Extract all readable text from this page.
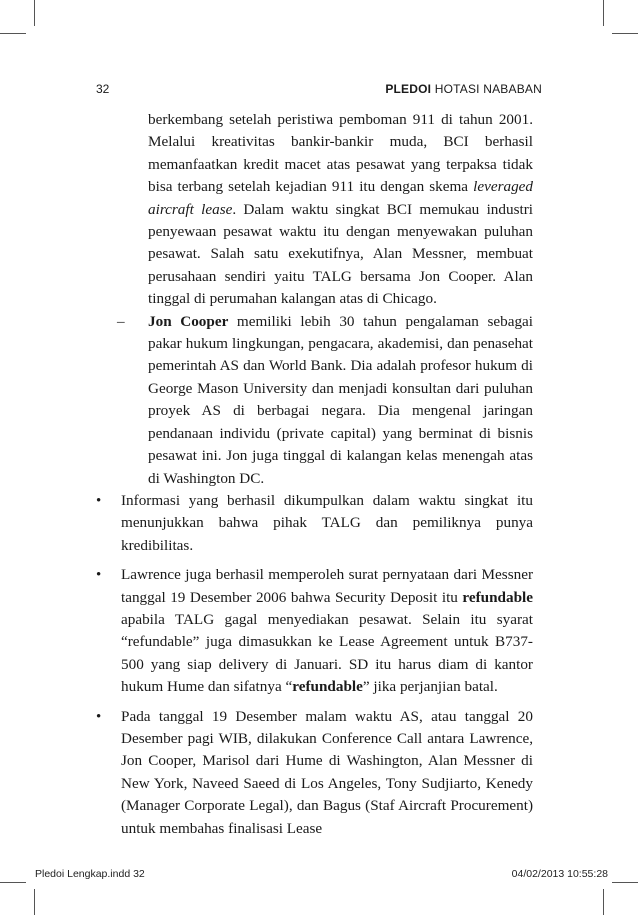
32	PLEDOI HOTASI NABABAN

berkembang setelah peristiwa pemboman 911 di tahun 2001. Melalui kreativitas bankir-bankir muda, BCI berhasil memanfaatkan kredit macet atas pesawat yang terpaksa tidak bisa terbang setelah kejadian 911 itu dengan skema leveraged aircraft lease. Dalam waktu singkat BCI memukau industri penyewaan pesawat waktu itu dengan menyewakan puluhan pesawat. Salah satu exekutifnya, Alan Messner, membuat perusahaan sendiri yaitu TALG bersama Jon Cooper. Alan tinggal di perumahan kalangan atas di Chicago.

– Jon Cooper memiliki lebih 30 tahun pengalaman sebagai pakar hukum lingkungan, pengacara, akademisi, dan penasehat pemerintah AS dan World Bank. Dia adalah profesor hukum di George Mason University dan menjadi konsultan dari puluhan proyek AS di berbagai negara. Dia mengenal jaringan pendanaan individu (private capital) yang berminat di bisnis pesawat ini. Jon juga tinggal di kalangan kelas menengah atas di Washington DC.

• Informasi yang berhasil dikumpulkan dalam waktu singkat itu menunjukkan bahwa pihak TALG dan pemiliknya punya kredibilitas.

• Lawrence juga berhasil memperoleh surat pernyataan dari Messner tanggal 19 Desember 2006 bahwa Security Deposit itu refundable apabila TALG gagal menyediakan pesawat. Selain itu syarat “refundable” juga dimasukkan ke Lease Agreement untuk B737-500 yang siap delivery di Januari. SD itu harus diam di kantor hukum Hume dan sifatnya “refundable” jika perjanjian batal.

• Pada tanggal 19 Desember malam waktu AS, atau tanggal 20 Desember pagi WIB, dilakukan Conference Call antara Lawrence, Jon Cooper, Marisol dari Hume di Washington, Alan Messner di New York, Naveed Saeed di Los Angeles, Tony Sudjiarto, Kenedy (Manager Corporate Legal), dan Bagus (Staf Aircraft Procurement) untuk membahas finalisasi Lease

Pledoi Lengkap.indd 32	04/02/2013 10:55:28
